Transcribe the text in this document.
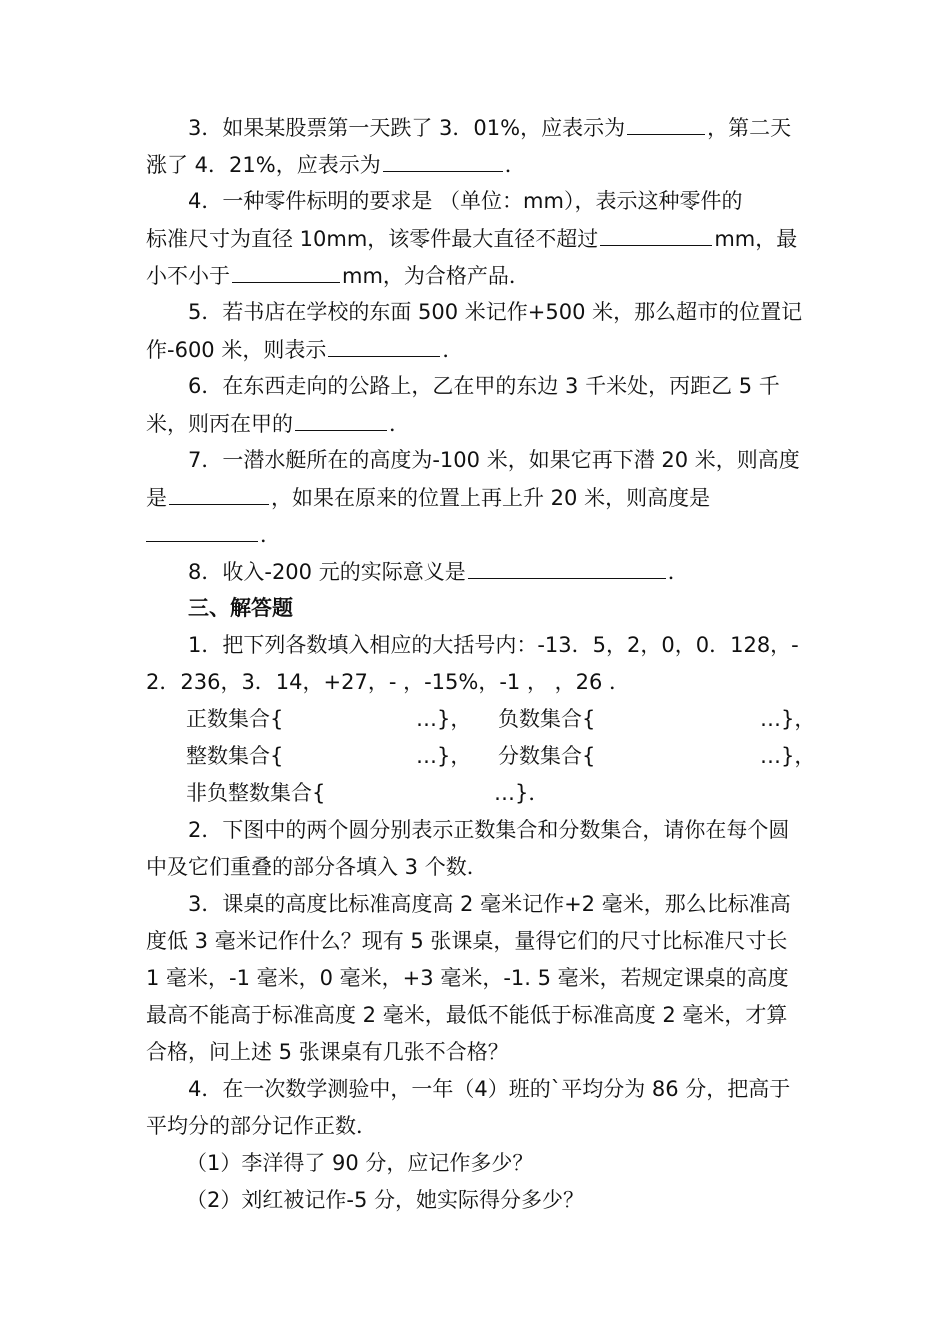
3．如果某股票第一天跌了 3．01%，应表示为	，第二天
涨了 4．21%，应表示为	．
4．一种零件标明的要求是 （单位：mm），表示这种零件的
标准尺寸为直径 10mm，该零件最大直径不超过	mm，最
小不小于	mm，为合格产品．
5．若书店在学校的东面 500 米记作+500 米，那么超市的位置记
作-600 米，则表示	．
6．在东西走向的公路上，乙在甲的东边 3 千米处，丙距乙 5 千
米，则丙在甲的	．
7．一潜水艇所在的高度为-100 米，如果它再下潜 20 米，则高度
是	，如果在原来的位置上再上升 20 米，则高度是
．
8．收入-200 元的实际意义是	．
三、解答题
1．把下列各数填入相应的大括号内：-13．5，2，0，0．128，-
2．236，3．14，+27，- ，-15%，-1 ， ，26 ．
正数集合{	…}， 负数集合{	…}，
整数集合{	…}， 分数集合{	…}，
非负整数集合{	…}．
2．下图中的两个圆分别表示正数集合和分数集合，请你在每个圆
中及它们重叠的部分各填入 3 个数．
3．课桌的高度比标准高度高 2 毫米记作+2 毫米，那么比标准高
度低 3 毫米记作什么？现有 5 张课桌，量得它们的尺寸比标准尺寸长
1 毫米，-1 毫米，0 毫米，+3 毫米，-1. 5 毫米，若规定课桌的高度
最高不能高于标准高度 2 毫米，最低不能低于标准高度 2 毫米，才算
合格，问上述 5 张课桌有几张不合格？
4．在一次数学测验中，一年（4）班的`平均分为 86 分，把高于
平均分的部分记作正数．
（1）李洋得了 90 分，应记作多少？
（2）刘红被记作-5 分，她实际得分多少？
